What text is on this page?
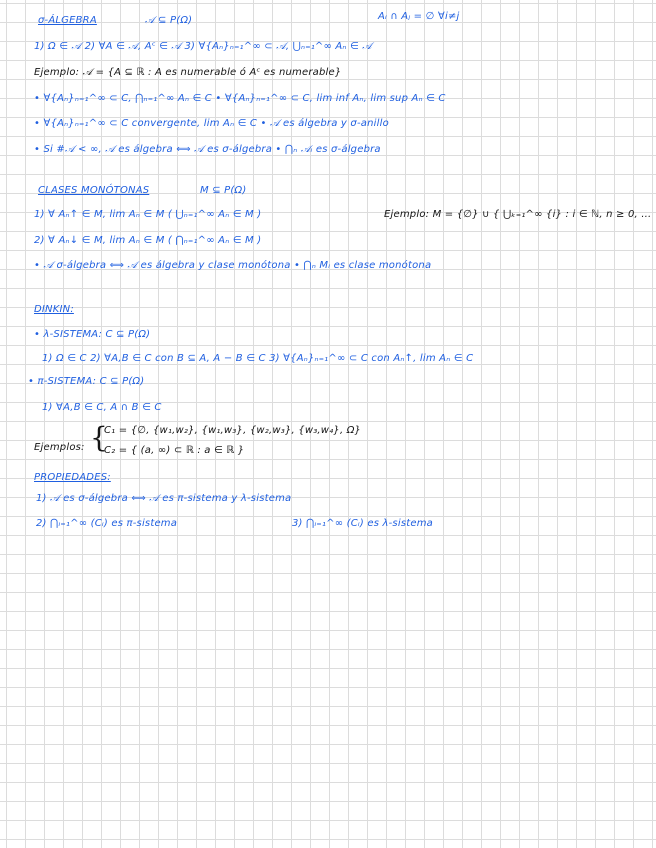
σ-ÁLGEBRA	𝒜 ⊆ P(Ω)	Aᵢ ∩ Aⱼ = ∅ ∀i≠j
1) Ω ∈ 𝒜 2) ∀A ∈ 𝒜, Aᶜ ∈ 𝒜 3) ∀{Aₙ}ₙ₌₁^∞ ⊂ 𝒜, ⋃ₙ₌₁^∞ Aₙ ∈ 𝒜
Ejemplo: 𝒜 = {A ⊆ ℝ : A es numerable ó Aᶜ es numerable}
• ∀{Aₙ}ₙ₌₁^∞ ⊂ C, ⋂ₙ₌₁^∞ Aₙ ∈ C • ∀{Aₙ}ₙ₌₁^∞ ⊂ C, lim inf Aₙ, lim sup Aₙ ∈ C
• ∀{Aₙ}ₙ₌₁^∞ ⊂ C convergente, lim Aₙ ∈ C • 𝒜 es álgebra y σ-anillo
• Si #𝒜 < ∞, 𝒜 es álgebra ⟺ 𝒜 es σ-álgebra • ⋂ₙ 𝒜ᵢ es σ-álgebra
CLASES MONÓTONAS	M ⊆ P(Ω)
1) ∀ Aₙ↑ ∈ M, lim Aₙ ∈ M ( ⋃ₙ₌₁^∞ Aₙ ∈ M )	Ejemplo: M = {∅} ∪ { ⋃ₖ₌₁^∞ {i} : i ∈ ℕ, n ≥ 0, …
2) ∀ Aₙ↓ ∈ M, lim Aₙ ∈ M ( ⋂ₙ₌₁^∞ Aₙ ∈ M )
• 𝒜 σ-álgebra ⟺ 𝒜 es álgebra y clase monótona • ⋂ₙ Mᵢ es clase monótona
DINKIN:
• λ-SISTEMA: C ⊆ P(Ω)
1) Ω ∈ C 2) ∀A,B ∈ C con B ⊆ A, A − B ∈ C 3) ∀{Aₙ}ₙ₌₁^∞ ⊂ C con Aₙ↑, lim Aₙ ∈ C
• π-SISTEMA: C ⊆ P(Ω)
1) ∀A,B ∈ C, A ∩ B ∈ C
Ejemplos: {
C₁ = {∅, {w₁,w₂}, {w₁,w₃}, {w₂,w₃}, {w₃,w₄}, Ω}
C₂ = { (a, ∞) ⊂ ℝ : a ∈ ℝ }
PROPIEDADES:
1) 𝒜 es σ-álgebra ⟺ 𝒜 es π-sistema y λ-sistema
2) ⋂ᵢ₌₁^∞ (Cᵢ) es π-sistema	3) ⋂ᵢ₌₁^∞ (Cᵢ) es λ-sistema
